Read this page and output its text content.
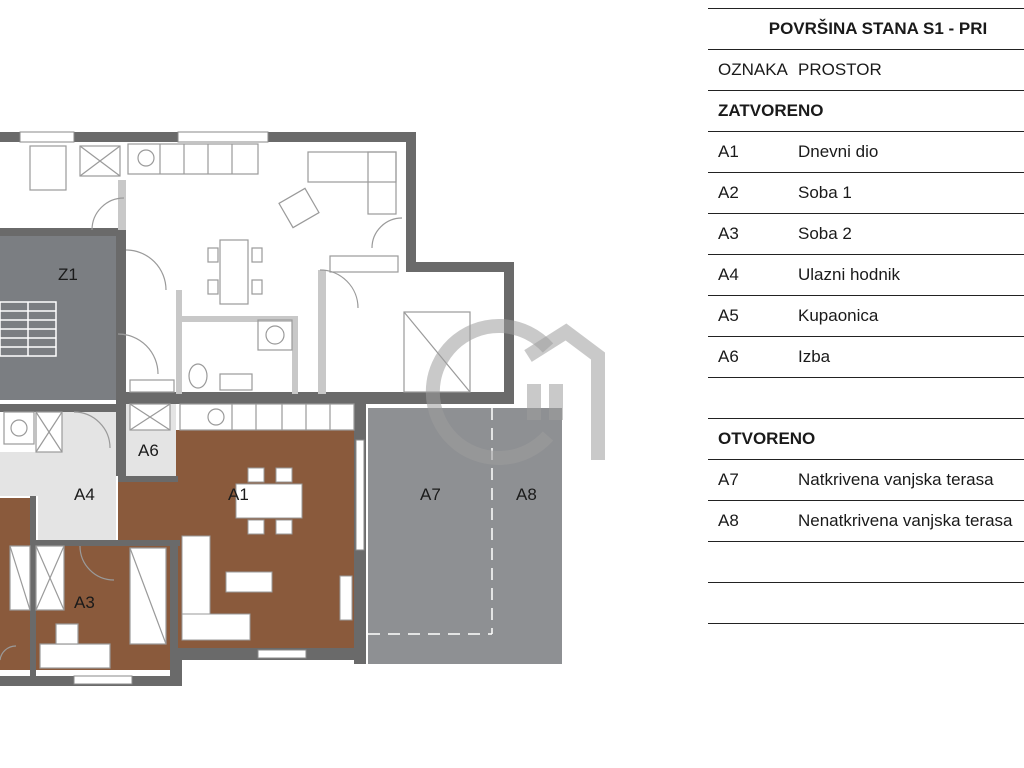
Z1
A1
A3
A4
A6
A7	A8
POVRŠINA STANA S1 - PRI
OZNAKA PROSTOR
ZATVORENO
A1	Dnevni dio
A2	Soba 1
A3	Soba 2
A4	Ulazni hodnik
A5	Kupaonica
A6	Izba
OTVORENO
A7	Natkrivena vanjska terasa
A8	Nenatkrivena vanjska terasa
